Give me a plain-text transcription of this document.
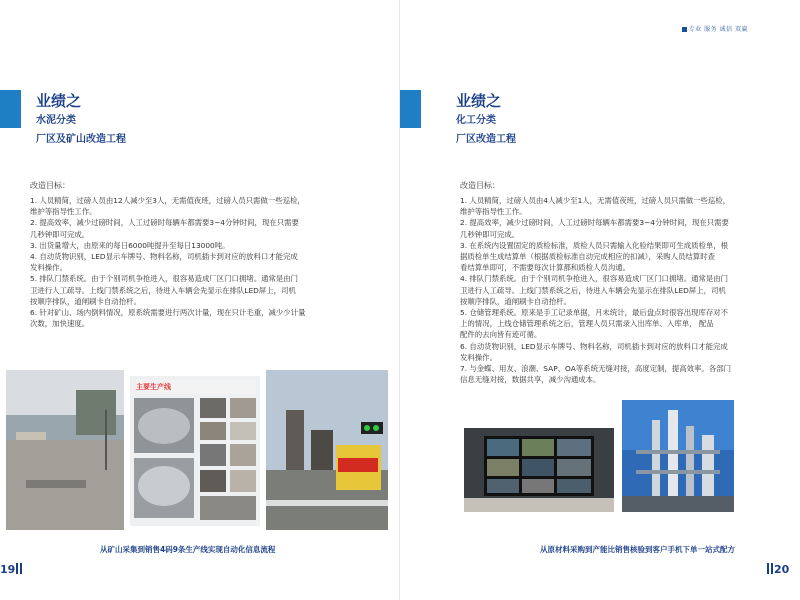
业绩之
水泥分类
厂区及矿山改造工程
改造目标：
1. 人员精简，过磅人员由12人减少至3人，无需值夜班，过磅人员只需做一些巡检，
维护等指导性工作。
2. 提高效率，减少过磅时间，人工过磅时每辆车都需要3~4分钟时间，现在只需要
几秒钟即可完成。
3. 出货量增大，由原来的每日6000吨提升至每日13000吨。
4. 自动货物识别，LED显示车牌号、物料名称，司机插卡到对应的放料口才能完成
发料操作。
5. 排队门禁系统。由于个别司机争抢进入，很容易造成厂区门口拥堵。通常是由门
卫进行人工疏导。上线门禁系统之后，待进入车辆会先显示在排队LED屏上，司机
按顺序排队，道闸刷卡自动抬杆。
6. 针对矿山、场内倒料情况，原系统需要进行两次计量，现在只计毛重，减少少计量
次数，加快速度。
主要生产线
从矿山采集到销售4码9条生产线实现自动化信息流程
19
专业 服务 诚信 双赢
业绩之
化工分类
厂区改造工程
改造目标：
1. 人员精简，过磅人员由4人减少至1人，无需值夜班，过磅人员只需做一些巡检，
维护等指导性工作。
2. 提高效率，减少过磅时间，人工过磅时每辆车都需要3~4分钟时间，现在只需要
几秒钟即可完成。
3. 在系统内设置固定的质检标准，质检人员只需输入化验结果即可生成质检单，根
据质检单生成结算单（根据质检标准自动完成相应的扣减），采购人员结算时查
看结算单即可，不需要每次计算都和质检人员沟通。
4. 排队门禁系统。由于个别司机争抢进入，很容易造成厂区门口拥堵。通常是由门
卫进行人工疏导。上线门禁系统之后，待进入车辆会先显示在排队LED屏上，司机
按顺序排队，道闸刷卡自动抬杆。
5. 仓储管理系统。原来是手工记录单据，月末统计，最后盘点时很容出现库存对不
上的情况，上线仓储管理系统之后，管理人员只需录入出库单、入库单， 配品
配件的去向皆有迹可循。
6. 自动货物识别，LED显示车牌号、物料名称，司机插卡到对应的放料口才能完成
发料操作。
7. 与金蝶、用友、浪潮、SAP、OA等系统无缝对接，高度定制，提高效率。各部门
信息无缝对接，数据共享，减少沟通成本。
从原材料采购到产能比销售核验到客户手机下单一站式配方
20
